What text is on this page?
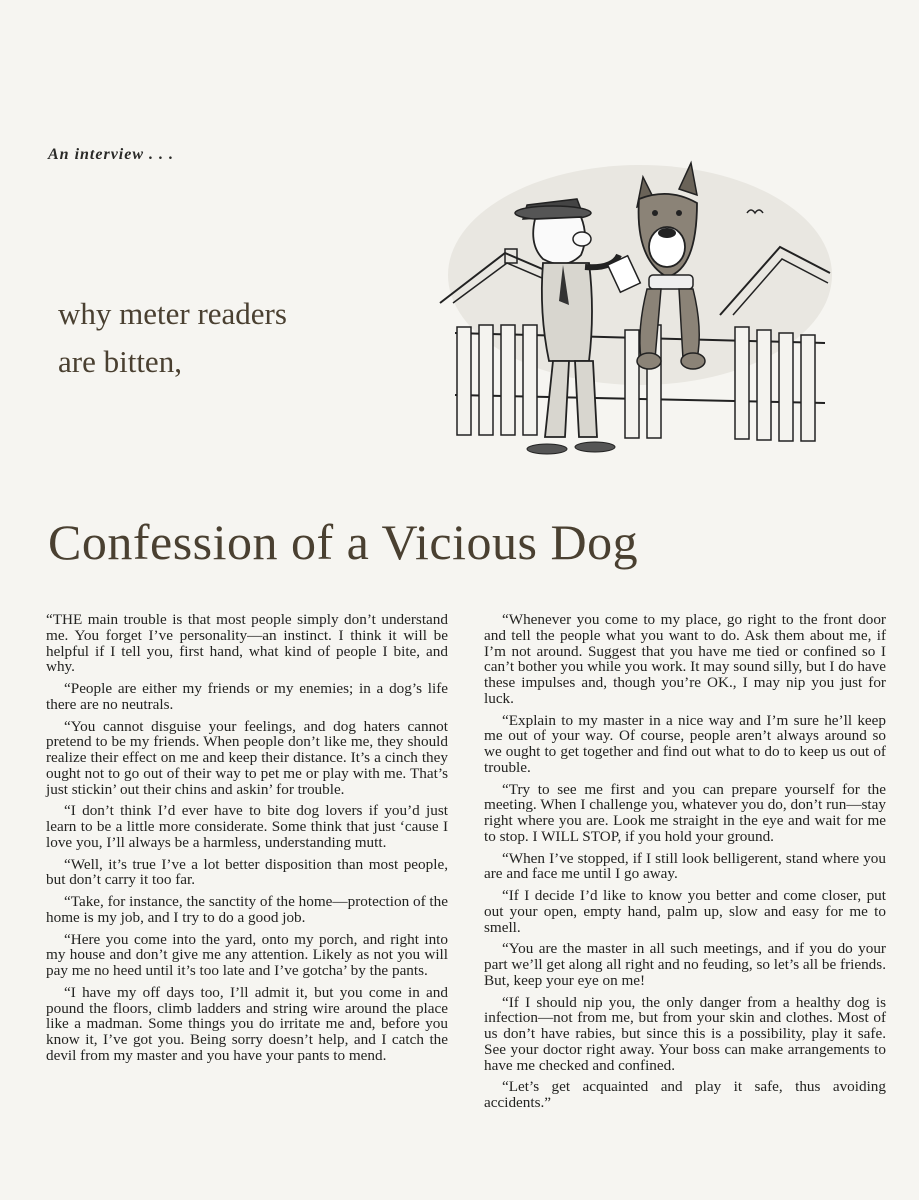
An interview . . .
why meter readers
are bitten,
Confession of a Vicious Dog

“THE main trouble is that most people simply don’t understand me. You forget I’ve personality—an instinct. I think it will be helpful if I tell you, first hand, what kind of people I bite, and why.

“People are either my friends or my enemies; in a dog’s life there are no neutrals.

“You cannot disguise your feelings, and dog haters cannot pretend to be my friends. When people don’t like me, they should realize their effect on me and keep their distance. It’s a cinch they ought not to go out of their way to pet me or play with me. That’s just stickin’ out their chins and askin’ for trouble.

“I don’t think I’d ever have to bite dog lovers if you’d just learn to be a little more considerate. Some think that just ‘cause I love you, I’ll always be a harmless, understanding mutt.

“Well, it’s true I’ve a lot better disposition than most people, but don’t carry it too far.

“Take, for instance, the sanctity of the home—protection of the home is my job, and I try to do a good job.

“Here you come into the yard, onto my porch, and right into my house and don’t give me any attention. Likely as not you will pay me no heed until it’s too late and I’ve gotcha’ by the pants.

“I have my off days too, I’ll admit it, but you come in and pound the floors, climb ladders and string wire around the place like a madman. Some things you do irritate me and, before you know it, I’ve got you. Being sorry doesn’t help, and I catch the devil from my master and you have your pants to mend.

“Whenever you come to my place, go right to the front door and tell the people what you want to do. Ask them about me, if I’m not around. Suggest that you have me tied or confined so I can’t bother you while you work. It may sound silly, but I do have these impulses and, though you’re OK., I may nip you just for luck.

“Explain to my master in a nice way and I’m sure he’ll keep me out of your way. Of course, people aren’t always around so we ought to get together and find out what to do to keep us out of trouble.

“Try to see me first and you can prepare yourself for the meeting. When I challenge you, whatever you do, don’t run—stay right where you are. Look me straight in the eye and wait for me to stop. I WILL STOP, if you hold your ground.

“When I’ve stopped, if I still look belligerent, stand where you are and face me until I go away.

“If I decide I’d like to know you better and come closer, put out your open, empty hand, palm up, slow and easy for me to smell.

“You are the master in all such meetings, and if you do your part we’ll get along all right and no feuding, so let’s all be friends. But, keep your eye on me!

“If I should nip you, the only danger from a healthy dog is infection—not from me, but from your skin and clothes. Most of us don’t have rabies, but since this is a possibility, play it safe. See your doctor right away. Your boss can make arrangements to have me checked and confined.

“Let’s get acquainted and play it safe, thus avoiding accidents.”
